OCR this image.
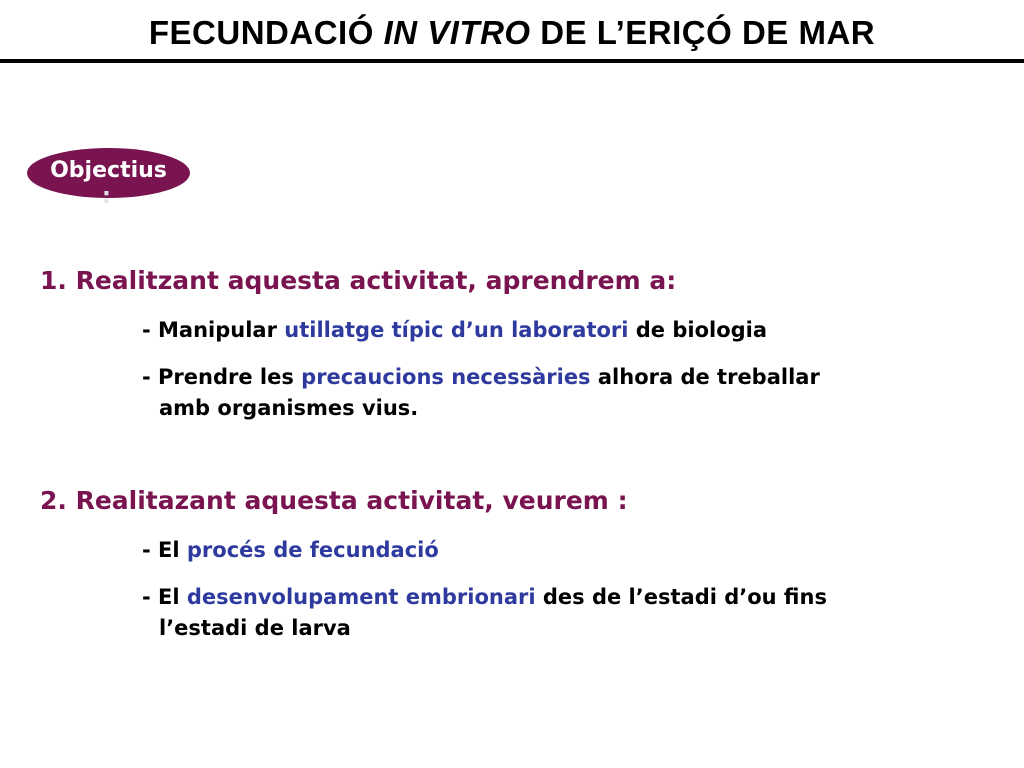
FECUNDACIÓ IN VITRO DE L’ERIÇÓ DE MAR
Objectius
:
1. Realitzant aquesta activitat, aprendrem a:
- Manipular utillatge típic d’un laboratori de biologia
- Prendre les precaucions necessàries alhora de treballar
amb organismes vius.
2. Realitazant aquesta activitat, veurem :
- El procés de fecundació
- El desenvolupament embrionari des de l’estadi d’ou fins
l’estadi de larva
